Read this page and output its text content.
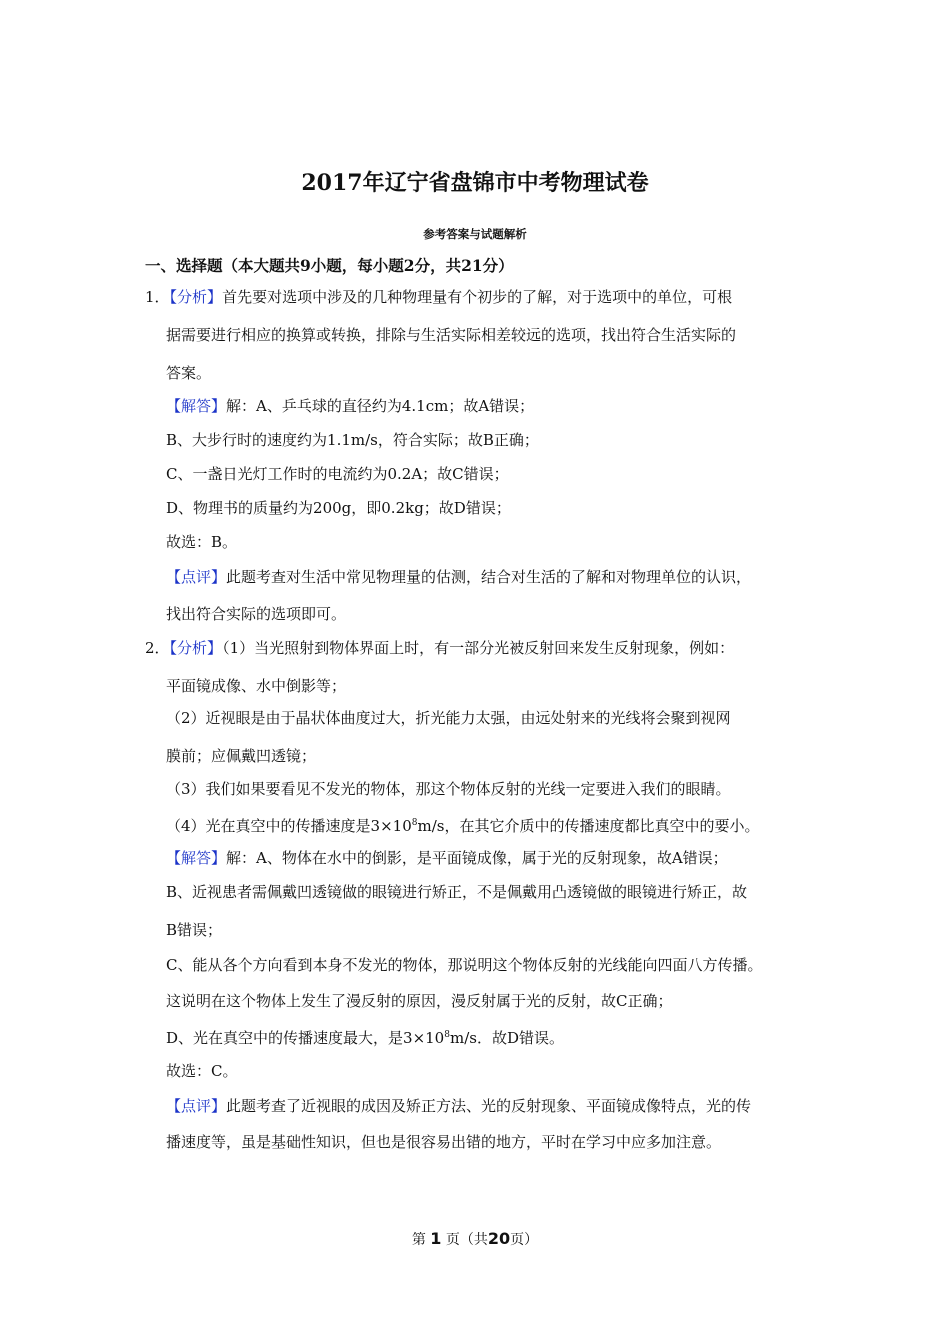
2017年辽宁省盘锦市中考物理试卷
参考答案与试题解析
一、选择题（本大题共9小题，每小题2分，共21分）
1．【分析】首先要对选项中涉及的几种物理量有个初步的了解，对于选项中的单位，可根
据需要进行相应的换算或转换，排除与生活实际相差较远的选项，找出符合生活实际的
答案。
【解答】解：A、乒乓球的直径约为4.1cm；故A错误；
B、大步行时的速度约为1.1m/s，符合实际；故B正确；
C、一盏日光灯工作时的电流约为0.2A；故C错误；
D、物理书的质量约为200g，即0.2kg；故D错误；
故选：B。
【点评】此题考查对生活中常见物理量的估测，结合对生活的了解和对物理单位的认识，
找出符合实际的选项即可。
2．【分析】（1）当光照射到物体界面上时，有一部分光被反射回来发生反射现象，例如：
平面镜成像、水中倒影等；
（2）近视眼是由于晶状体曲度过大，折光能力太强，由远处射来的光线将会聚到视网
膜前；应佩戴凹透镜；
（3）我们如果要看见不发光的物体，那这个物体反射的光线一定要进入我们的眼睛。
（4）光在真空中的传播速度是$3\times 10^8m/s$，在其它介质中的传播速度都比真空中的要小。
【解答】解：A、物体在水中的倒影，是平面镜成像，属于光的反射现象，故A错误；
B、近视患者需佩戴凹透镜做的眼镜进行矫正，不是佩戴用凸透镜做的眼镜进行矫正，故
B错误；
C、能从各个方向看到本身不发光的物体，那说明这个物体反射的光线能向四面八方传播。
这说明在这个物体上发生了漫反射的原因，漫反射属于光的反射，故C正确；
D、光在真空中的传播速度最大，是$3\times 10^8m/s$．故D错误。
故选：C。
【点评】此题考查了近视眼的成因及矫正方法、光的反射现象、平面镜成像特点，光的传
播速度等，虽是基础性知识，但也是很容易出错的地方，平时在学习中应多加注意。
第 1 页（共20页）
